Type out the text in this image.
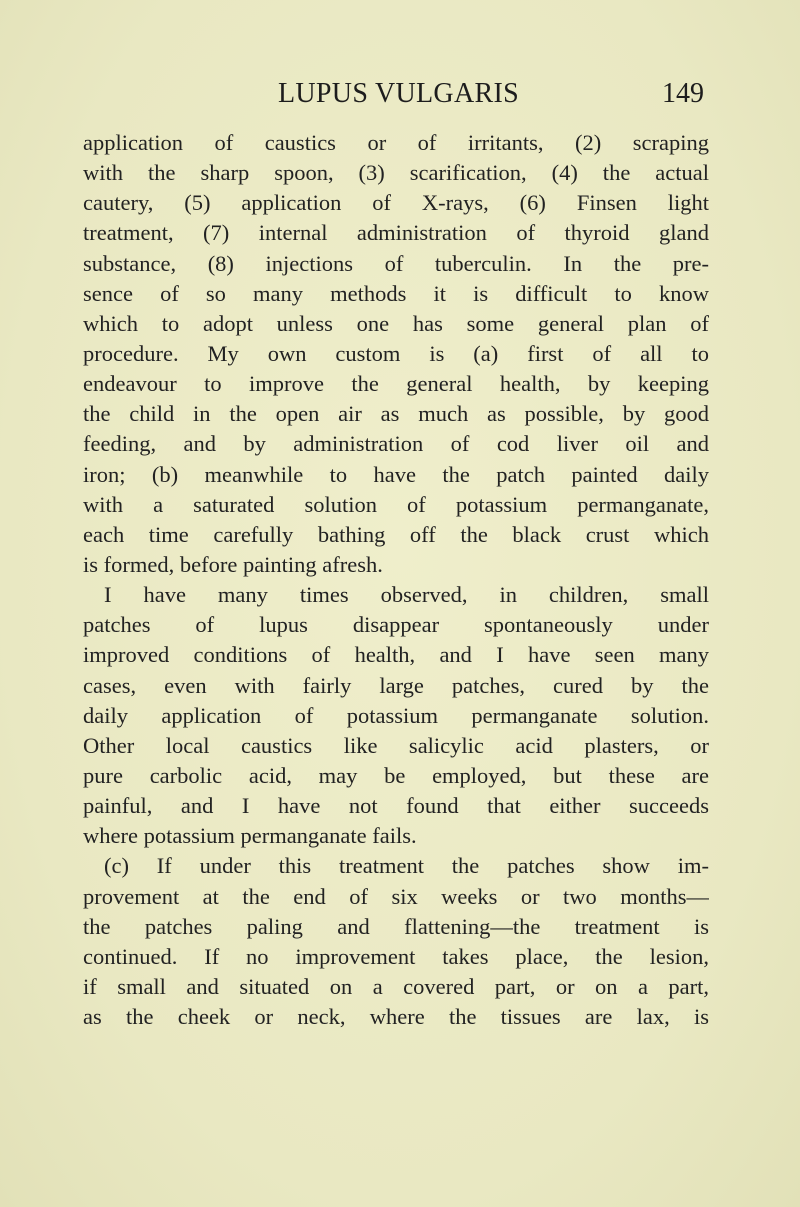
LUPUS VULGARIS	149
application of caustics or of irritants, (2) scraping
with the sharp spoon, (3) scarification, (4) the actual
cautery, (5) application of X-rays, (6) Finsen light
treatment, (7) internal administration of thyroid gland
substance, (8) injections of tuberculin. In the pre-
sence of so many methods it is difficult to know
which to adopt unless one has some general plan of
procedure. My own custom is (a) first of all to
endeavour to improve the general health, by keeping
the child in the open air as much as possible, by good
feeding, and by administration of cod liver oil and
iron; (b) meanwhile to have the patch painted daily
with a saturated solution of potassium permanganate,
each time carefully bathing off the black crust which
is formed, before painting afresh.
I have many times observed, in children, small
patches of lupus disappear spontaneously under
improved conditions of health, and I have seen many
cases, even with fairly large patches, cured by the
daily application of potassium permanganate solution.
Other local caustics like salicylic acid plasters, or
pure carbolic acid, may be employed, but these are
painful, and I have not found that either succeeds
where potassium permanganate fails.
(c) If under this treatment the patches show im-
provement at the end of six weeks or two months—
the patches paling and flattening—the treatment is
continued. If no improvement takes place, the lesion,
if small and situated on a covered part, or on a part,
as the cheek or neck, where the tissues are lax, is
